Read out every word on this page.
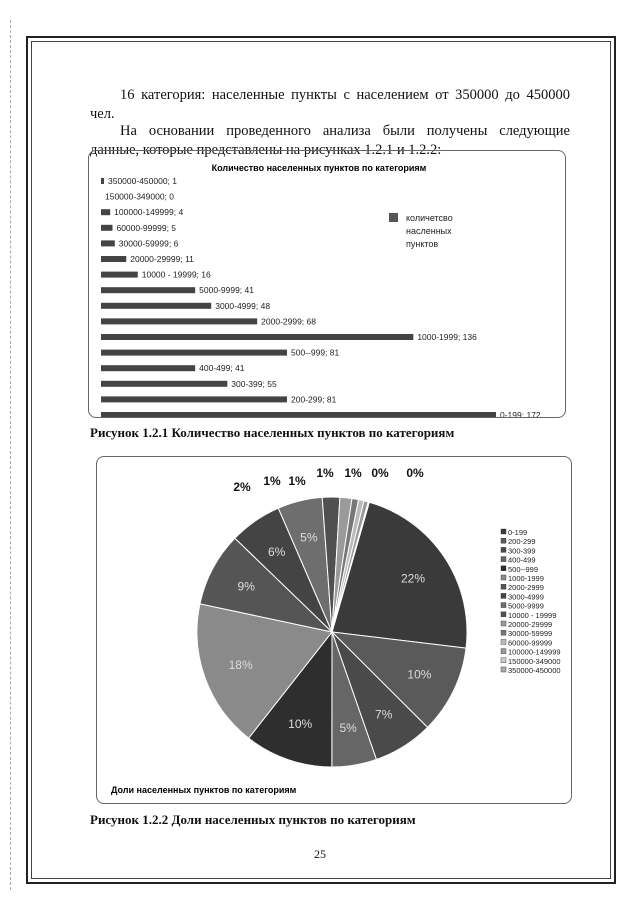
16 категория: населенные пункты с населением от 350000 до 450000 чел.
На основании проведенного анализа были получены следующие данные, которые представлены на рисунках 1.2.1 и 1.2.2:
Количество населенных пунктов по категориям
350000-450000; 1
150000-349000; 0
100000-149999; 4
60000-99999; 5
30000-59999; 6
20000-29999; 11
10000 - 19999; 16
5000-9999; 41
3000-4999; 48
2000-2999; 68
1000-1999; 136
500--999; 81
400-499; 41
300-399; 55
200-299; 81
0-199; 172
количетсво
насленных
пунктов
Рисунок 1.2.1 Количество населенных пунктов по категориям
22%
10%
7%
5%
10%
18%
9%
6%
5%
2% 1% 1%
1% 1% 0% 0%
0-199
200-299
300-399
400-499
500--999
1000-1999
2000-2999
3000-4999
5000-9999
10000 - 19999
20000-29999
30000-59999
60000-99999
100000-149999
150000-349000
350000-450000
Доли населенных пунктов по категориям
Рисунок 1.2.2 Доли населенных пунктов по категориям
25
